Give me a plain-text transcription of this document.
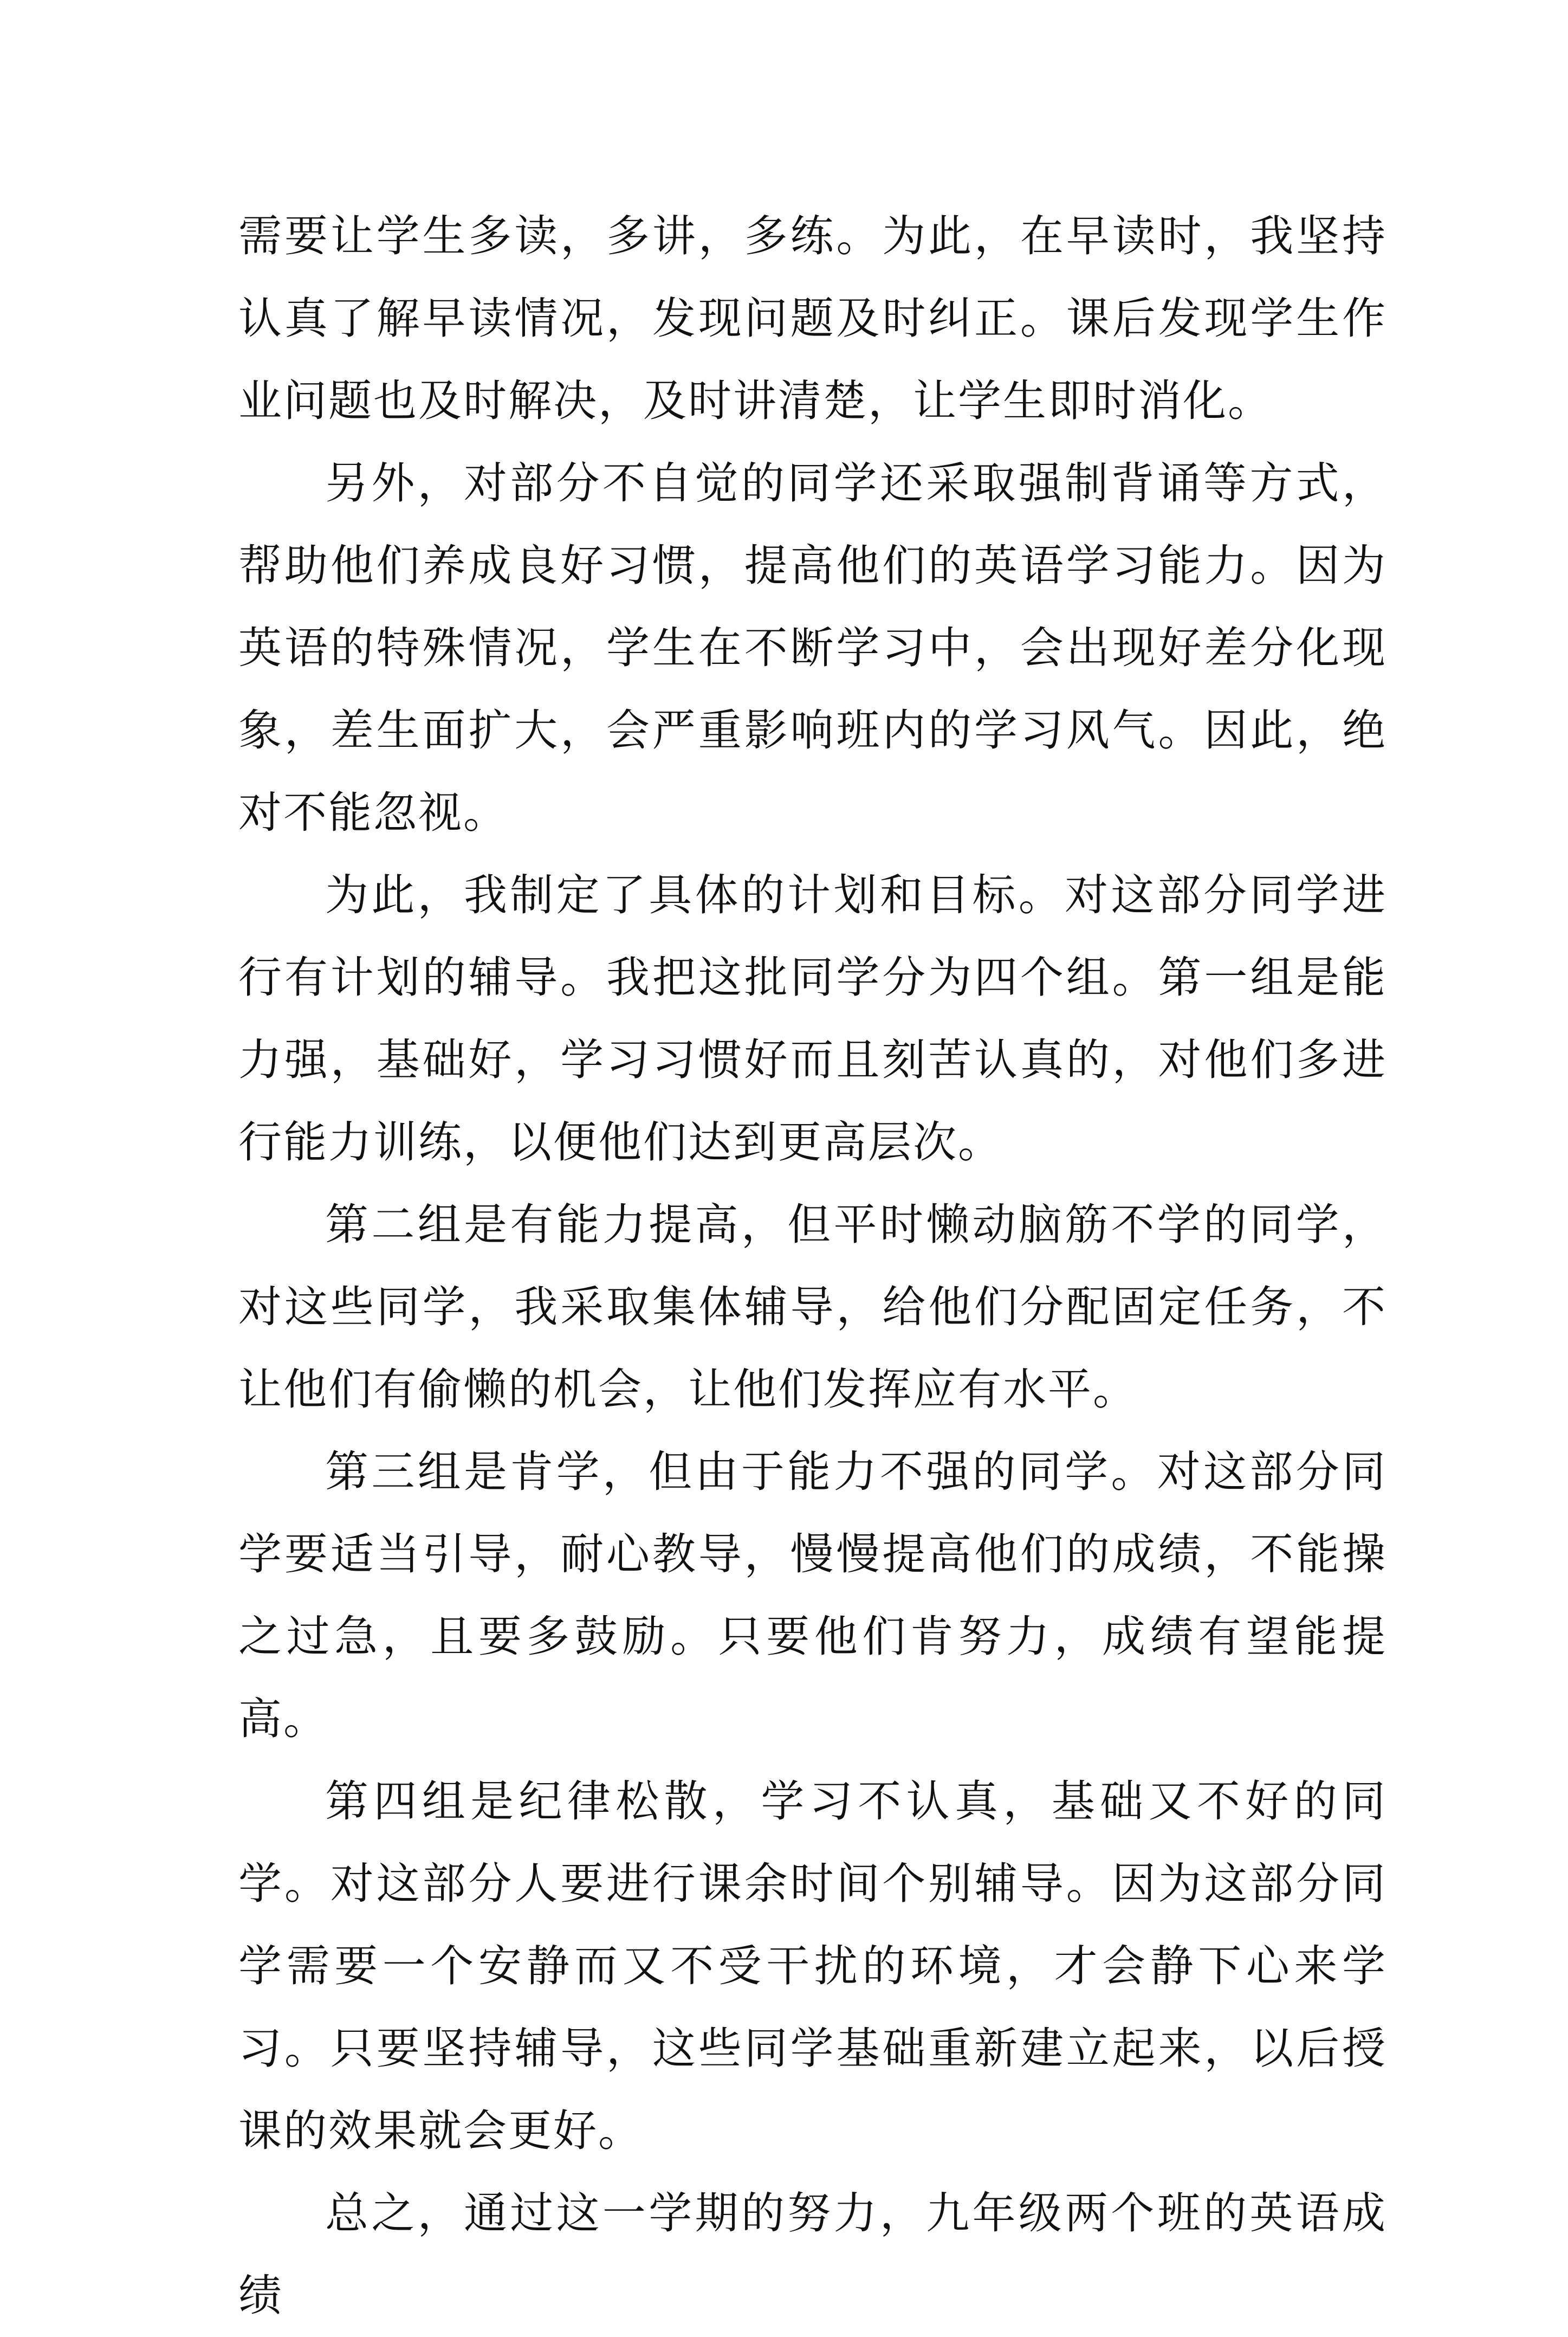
需要让学生多读，多讲，多练。为此，在早读时，我坚持认真了解早读情况，发现问题及时纠正。课后发现学生作业问题也及时解决，及时讲清楚，让学生即时消化。

另外，对部分不自觉的同学还采取强制背诵等方式，帮助他们养成良好习惯，提高他们的英语学习能力。因为英语的特殊情况，学生在不断学习中，会出现好差分化现象，差生面扩大，会严重影响班内的学习风气。因此，绝对不能忽视。

为此，我制定了具体的计划和目标。对这部分同学进行有计划的辅导。我把这批同学分为四个组。第一组是能力强，基础好，学习习惯好而且刻苦认真的，对他们多进行能力训练，以便他们达到更高层次。

第二组是有能力提高，但平时懒动脑筋不学的同学，对这些同学，我采取集体辅导，给他们分配固定任务，不让他们有偷懒的机会，让他们发挥应有水平。

第三组是肯学，但由于能力不强的同学。对这部分同学要适当引导，耐心教导，慢慢提高他们的成绩，不能操之过急，且要多鼓励。只要他们肯努力，成绩有望能提高。

第四组是纪律松散，学习不认真，基础又不好的同学。对这部分人要进行课余时间个别辅导。因为这部分同学需要一个安静而又不受干扰的环境，才会静下心来学习。只要坚持辅导，这些同学基础重新建立起来，以后授课的效果就会更好。

总之，通过这一学期的努力，九年级两个班的英语成绩
